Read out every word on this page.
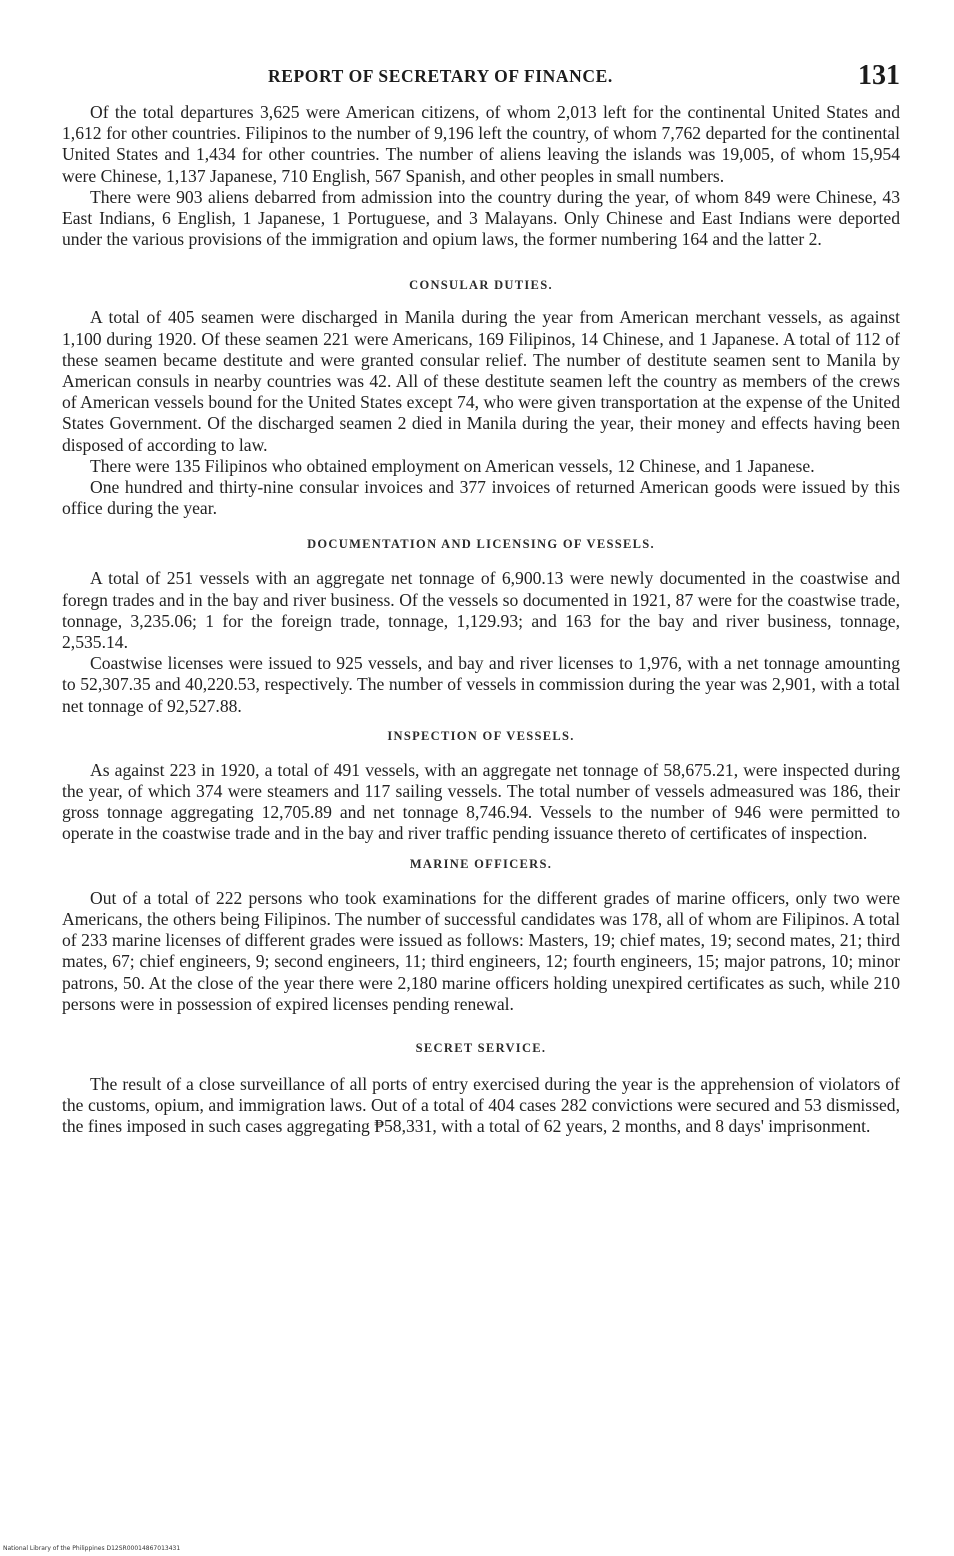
REPORT OF SECRETARY OF FINANCE.	131

Of the total departures 3,625 were American citizens, of whom 2,013 left for the continental United States and 1,612 for other countries. Filipinos to the number of 9,196 left the country, of whom 7,762 departed for the continental United States and 1,434 for other countries. The number of aliens leaving the islands was 19,005, of whom 15,954 were Chinese, 1,137 Japanese, 710 English, 567 Spanish, and other peoples in small numbers.

There were 903 aliens debarred from admission into the country during the year, of whom 849 were Chinese, 43 East Indians, 6 English, 1 Japanese, 1 Portuguese, and 3 Malayans. Only Chinese and East Indians were deported under the various provisions of the immigration and opium laws, the former numbering 164 and the latter 2.

CONSULAR DUTIES.

A total of 405 seamen were discharged in Manila during the year from American merchant vessels, as against 1,100 during 1920. Of these seamen 221 were Americans, 169 Filipinos, 14 Chinese, and 1 Japanese. A total of 112 of these seamen became destitute and were granted consular relief. The number of destitute seamen sent to Manila by American consuls in nearby countries was 42. All of these destitute seamen left the country as members of the crews of American vessels bound for the United States except 74, who were given transportation at the expense of the United States Government. Of the discharged seamen 2 died in Manila during the year, their money and effects having been disposed of according to law.

There were 135 Filipinos who obtained employment on American vessels, 12 Chinese, and 1 Japanese.

One hundred and thirty-nine consular invoices and 377 invoices of returned American goods were issued by this office during the year.

DOCUMENTATION AND LICENSING OF VESSELS.

A total of 251 vessels with an aggregate net tonnage of 6,900.13 were newly documented in the coastwise and foregn trades and in the bay and river business. Of the vessels so documented in 1921, 87 were for the coastwise trade, tonnage, 3,235.06; 1 for the foreign trade, tonnage, 1,129.93; and 163 for the bay and river business, tonnage, 2,535.14.

Coastwise licenses were issued to 925 vessels, and bay and river licenses to 1,976, with a net tonnage amounting to 52,307.35 and 40,220.53, respectively. The number of vessels in commission during the year was 2,901, with a total net tonnage of 92,527.88.

INSPECTION OF VESSELS.

As against 223 in 1920, a total of 491 vessels, with an aggregate net tonnage of 58,675.21, were inspected during the year, of which 374 were steamers and 117 sailing vessels. The total number of vessels admeasured was 186, their gross tonnage aggregating 12,705.89 and net tonnage 8,746.94. Vessels to the number of 946 were permitted to operate in the coastwise trade and in the bay and river traffic pending issuance thereto of certificates of inspection.

MARINE OFFICERS.

Out of a total of 222 persons who took examinations for the different grades of marine officers, only two were Americans, the others being Filipinos. The number of successful candidates was 178, all of whom are Filipinos. A total of 233 marine licenses of different grades were issued as follows: Masters, 19; chief mates, 19; second mates, 21; third mates, 67; chief engineers, 9; second engineers, 11; third engineers, 12; fourth engineers, 15; major patrons, 10; minor patrons, 50. At the close of the year there were 2,180 marine officers holding unexpired certificates as such, while 210 persons were in possession of expired licenses pending renewal.

SECRET SERVICE.

The result of a close surveillance of all ports of entry exercised during the year is the apprehension of violators of the customs, opium, and immigration laws. Out of a total of 404 cases 282 convictions were secured and 53 dismissed, the fines imposed in such cases aggregating ₱58,331, with a total of 62 years, 2 months, and 8 days' imprisonment.

National Library of the Philippines D12SR00014867013431
